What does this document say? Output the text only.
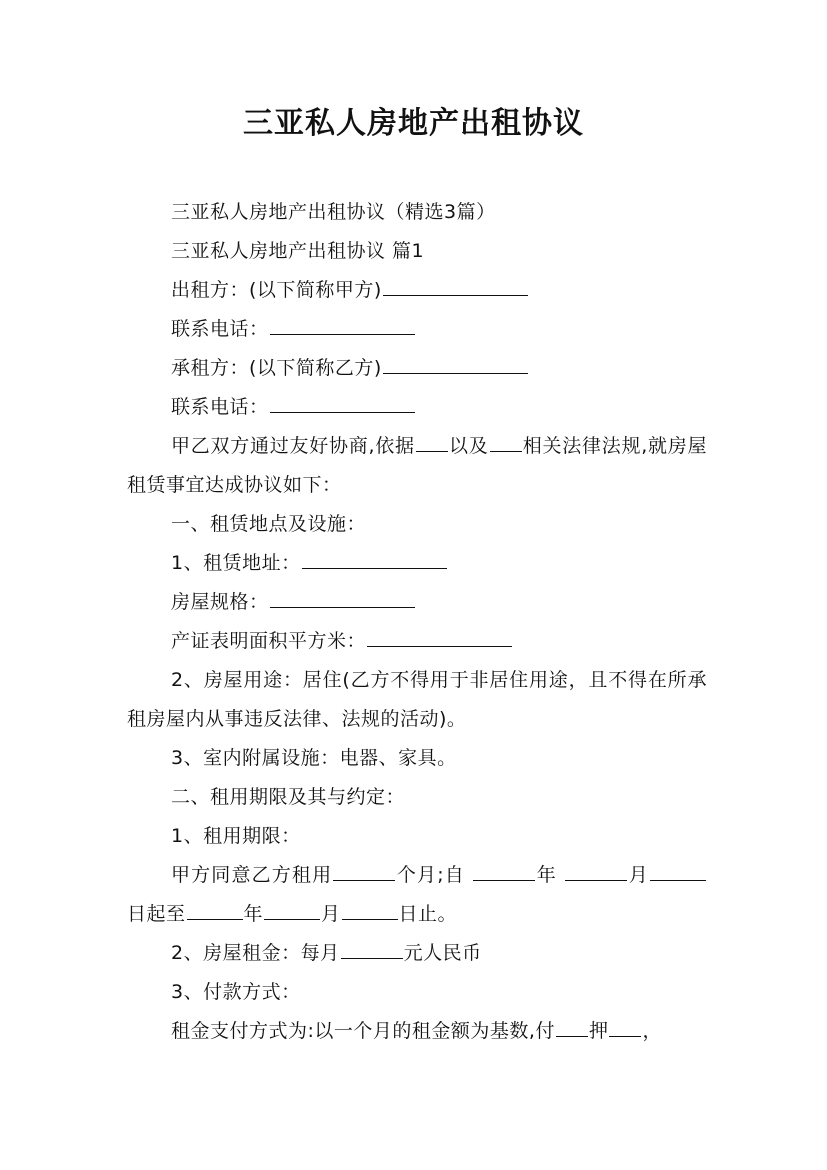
三亚私人房地产出租协议

三亚私人房地产出租协议（精选3篇）

三亚私人房地产出租协议 篇1

出租方：(以下简称甲方)

联系电话：

承租方：(以下简称乙方)

联系电话：

甲乙双方通过友好协商,依据 以及 相关法律法规,就房屋租赁事宜达成协议如下：

一、租赁地点及设施：

1、租赁地址：

房屋规格：

产证表明面积平方米：

2、房屋用途：居住(乙方不得用于非居住用途，且不得在所承租房屋内从事违反法律、法规的活动)。

3、室内附属设施：电器、家具。

二、租用期限及其与约定：

1、租用期限：

甲方同意乙方租用	个月;自	年	月日起至	年	月	日止。

2、房屋租金：每月	元人民币

3、付款方式：

租金支付方式为:以一个月的租金额为基数,付 押 ，
